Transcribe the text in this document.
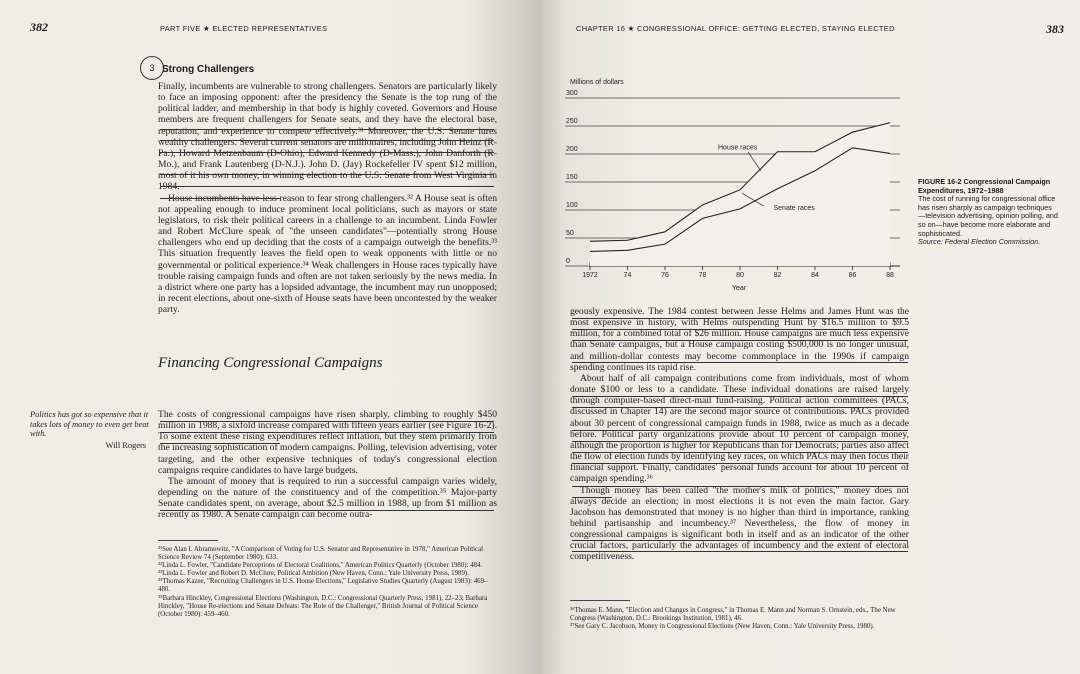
382	PART FIVE ★ ELECTED REPRESENTATIVES
3 Strong Challengers

Finally, incumbents are vulnerable to strong challengers. Senators are particularly likely to face an imposing opponent: after the presidency the Senate is the top rung of the political ladder, and membership in that body is highly coveted. Governors and House members are frequent challengers for Senate seats, and they have the electoral base, reputation, and experience to compete effectively.³¹ Moreover, the U.S. Senate lures wealthy challengers. Several current senators are millionaires, including John Heinz (R-Pa.), Howard Metzenbaum (D-Ohio), Edward Kennedy (D-Mass.), John Danforth (R-Mo.), and Frank Lautenberg (D-N.J.). John D. (Jay) Rockefeller IV spent $12 million, most of it his own money, in winning election to the U.S. Senate from West Virginia in 1984.

House incumbents have less reason to fear strong challengers.³² A House seat is often not appealing enough to induce prominent local politicians, such as mayors or state legislators, to risk their political careers in a challenge to an incumbent. Linda Fowler and Robert McClure speak of "the unseen candidates"—potentially strong House challengers who end up deciding that the costs of a campaign outweigh the benefits.³³ This situation frequently leaves the field open to weak opponents with little or no governmental or political experience.³⁴ Weak challengers in House races typically have trouble raising campaign funds and often are not taken seriously by the news media. In a district where one party has a lopsided advantage, the incumbent may run unopposed; in recent elections, about one-sixth of House seats have been uncontested by the weaker party.

Financing Congressional Campaigns
Politics has got so expensive that it takes lots of money to even get beat with.
Will Rogers

The costs of congressional campaigns have risen sharply, climbing to roughly $450 million in 1988, a sixfold increase compared with fifteen years earlier (see Figure 16-2). To some extent these rising expenditures reflect inflation, but they stem primarily from the increasing sophistication of modern campaigns. Polling, television advertising, voter targeting, and the other expensive techniques of today's congressional election campaigns require candidates to have large budgets.

The amount of money that is required to run a successful campaign varies widely, depending on the nature of the constituency and of the competition.³⁵ Major-party Senate candidates spent, on average, about $2.5 million in 1988, up from $1 million as recently as 1980. A Senate campaign can become outra-

³¹See Alan I. Abramowitz, "A Comparison of Voting for U.S. Senator and Representative in 1978," American Political Science Review 74 (September 1980): 633.
³²Linda L. Fowler, "Candidate Perceptions of Electoral Coalitions," American Politics Quarterly (October 1980): 484.
³³Linda L. Fowler and Robert D. McClure, Political Ambition (New Haven, Conn.: Yale University Press, 1989).
³⁴Thomas Kazee, "Recruiting Challengers in U.S. House Elections," Legislative Studies Quarterly (August 1983): 469–480.
³⁵Barbara Hinckley, Congressional Elections (Washington, D.C.: Congressional Quarterly Press, 1981), 22–23; Barbara Hinckley, "House Re-elections and Senate Defeats: The Role of the Challenger," British Journal of Political Science (October 1980): 459–460.
CHAPTER 16 ★ CONGRESSIONAL OFFICE: GETTING ELECTED, STAYING ELECTED	383
Millions of dollars
Year
0
50
100
150
200
250
300
1972	74	76	78	80	82	84	86	88
House races
Senate races
FIGURE 16-2 Congressional Campaign Expenditures, 1972–1988
The cost of running for congressional office has risen sharply as campaign techniques—television advertising, opinion polling, and so on—have become more elaborate and sophisticated.
Source: Federal Election Commission.

geously expensive. The 1984 contest between Jesse Helms and James Hunt was the most expensive in history, with Helms outspending Hunt by $16.5 million to $9.5 million, for a combined total of $26 million. House campaigns are much less expensive than Senate campaigns, but a House campaign costing $500,000 is no longer unusual, and million-dollar contests may become commonplace in the 1990s if campaign spending continues its rapid rise.

About half of all campaign contributions come from individuals, most of whom donate $100 or less to a candidate. These individual donations are raised largely through computer-based direct-mail fund-raising. Political action committees (PACs, discussed in Chapter 14) are the second major source of contributions. PACs provided about 30 percent of congressional campaign funds in 1988, twice as much as a decade before. Political party organizations provide about 10 percent of campaign money, although the proportion is higher for Republicans than for Democrats; parties also affect the flow of election funds by identifying key races, on which PACs may then focus their financial support. Finally, candidates' personal funds account for about 10 percent of campaign spending.³⁶

Though money has been called "the mother's milk of politics," money does not always decide an election; in most elections it is not even the main factor. Gary Jacobson has demonstrated that money is no higher than third in importance, ranking behind partisanship and incumbency.³⁷ Nevertheless, the flow of money in congressional campaigns is significant both in itself and as an indicator of the other crucial factors, particularly the advantages of incumbency and the extent of electoral competitiveness.

³⁶Thomas E. Mann, "Election and Changes in Congress," in Thomas E. Mann and Norman S. Ornstein, eds., The New Congress (Washington, D.C.: Brookings Institution, 1981), 46.
³⁷See Gary C. Jacobson, Money in Congressional Elections (New Haven, Conn.: Yale University Press, 1980).
